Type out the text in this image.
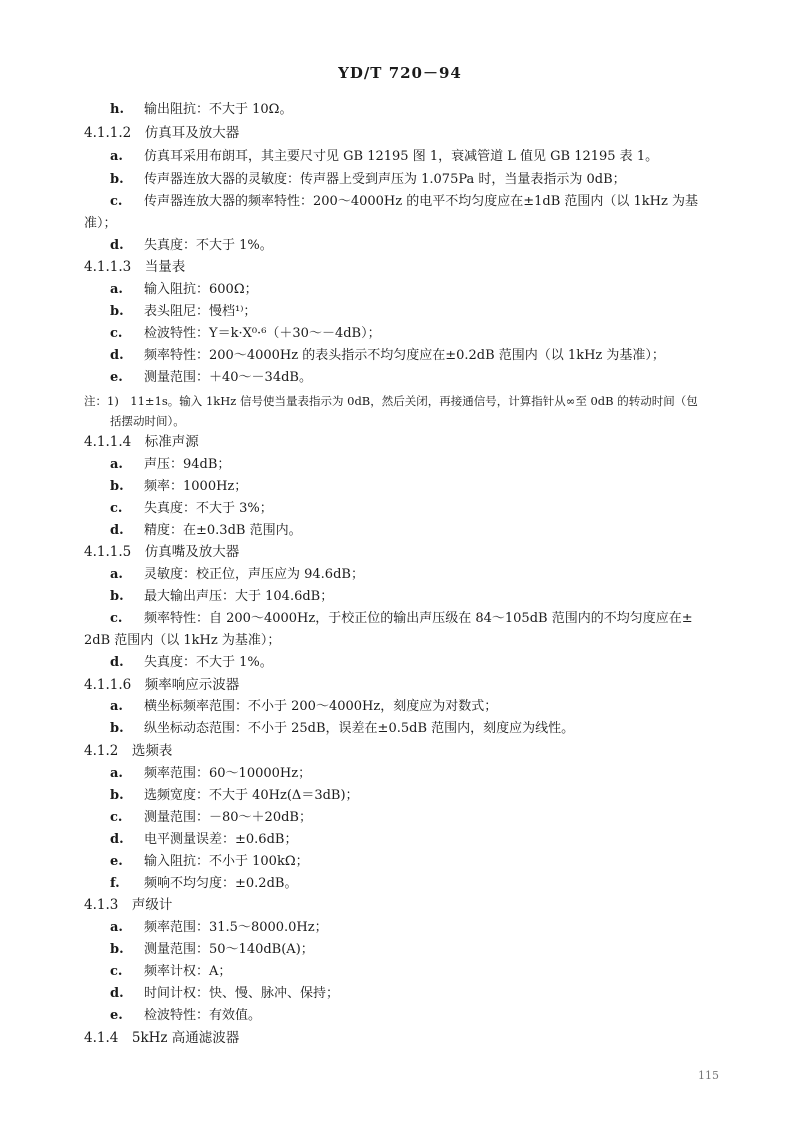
YD/T 720－94
h. 输出阻抗：不大于 10Ω。
4.1.1.2　仿真耳及放大器
a. 仿真耳采用布朗耳，其主要尺寸见 GB 12195 图 1，衰减管道 L 值见 GB 12195 表 1。
b. 传声器连放大器的灵敏度：传声器上受到声压为 1.075Pa 时，当量表指示为 0dB；
c. 传声器连放大器的频率特性：200～4000Hz 的电平不均匀度应在±1dB 范围内（以 1kHz 为基
准）；
d. 失真度：不大于 1%。
4.1.1.3　当量表
a. 输入阻抗：600Ω；
b. 表头阻尼：慢档¹⁾；
c. 检波特性：Y＝k·X⁰·⁶（＋30～－4dB）；
d. 频率特性：200～4000Hz 的表头指示不均匀度应在±0.2dB 范围内（以 1kHz 为基准）；
e. 测量范围：＋40～－34dB。
注：1)　11±1s。输入 1kHz 信号使当量表指示为 0dB，然后关闭，再接通信号，计算指针从∞至 0dB 的转动时间（包
括摆动时间）。
4.1.1.4　标准声源
a. 声压：94dB；
b. 频率：1000Hz；
c. 失真度：不大于 3%；
d. 精度：在±0.3dB 范围内。
4.1.1.5　仿真嘴及放大器
a. 灵敏度：校正位，声压应为 94.6dB；
b. 最大输出声压：大于 104.6dB；
c. 频率特性：自 200～4000Hz，于校正位的输出声压级在 84～105dB 范围内的不均匀度应在±
2dB 范围内（以 1kHz 为基准）；
d. 失真度：不大于 1%。
4.1.1.6　频率响应示波器
a. 横坐标频率范围：不小于 200～4000Hz，刻度应为对数式；
b. 纵坐标动态范围：不小于 25dB，误差在±0.5dB 范围内，刻度应为线性。
4.1.2　选频表
a. 频率范围：60～10000Hz；
b. 选频宽度：不大于 40Hz(Δ＝3dB)；
c. 测量范围：－80～＋20dB；
d. 电平测量误差：±0.6dB；
e. 输入阻抗：不小于 100kΩ；
f. 频响不均匀度：±0.2dB。
4.1.3　声级计
a. 频率范围：31.5～8000.0Hz；
b. 测量范围：50～140dB(A)；
c. 频率计权：A；
d. 时间计权：快、慢、脉冲、保持；
e. 检波特性：有效值。
4.1.4　5kHz 高通滤波器
115
